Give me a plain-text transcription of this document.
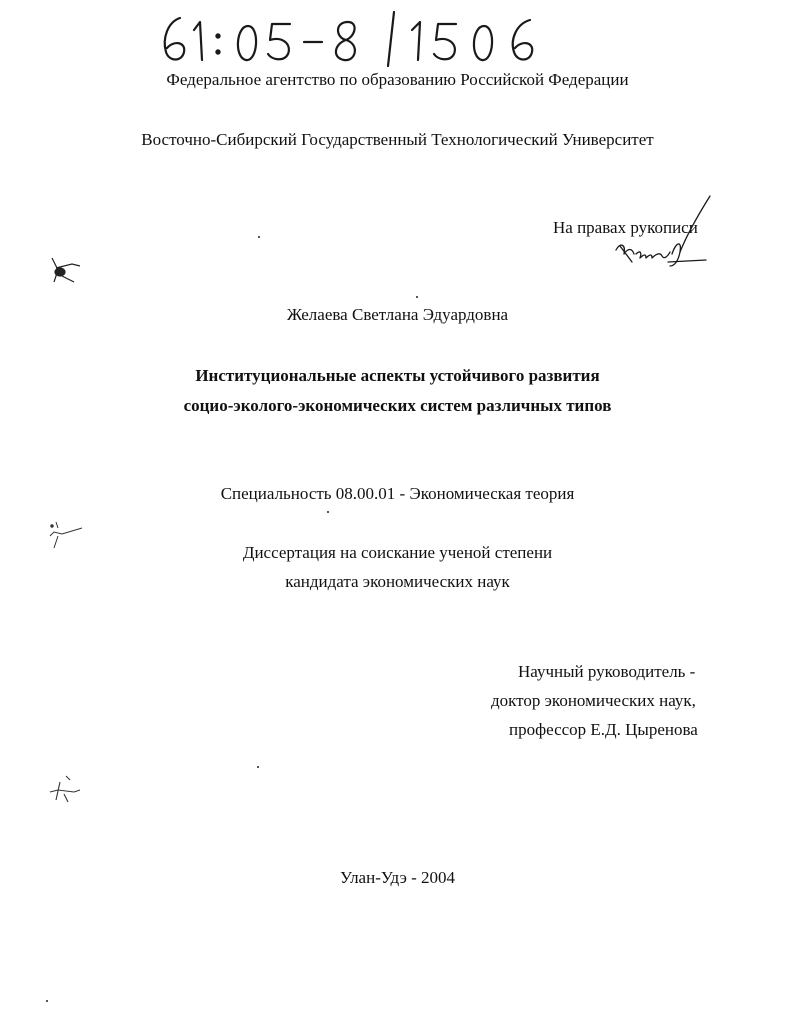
Федеральное агентство по образованию Российской Федерации
Восточно-Сибирский Государственный Технологический Университет
На правах рукописи
Желаева Светлана Эдуардовна
Институциональные аспекты устойчивого развития
социо-эколого-экономических систем различных типов
Специальность 08.00.01 - Экономическая теория
Диссертация на соискание ученой степени
кандидата экономических наук
Научный руководитель -
доктор экономических наук,
профессор Е.Д. Цыренова
Улан-Удэ - 2004
